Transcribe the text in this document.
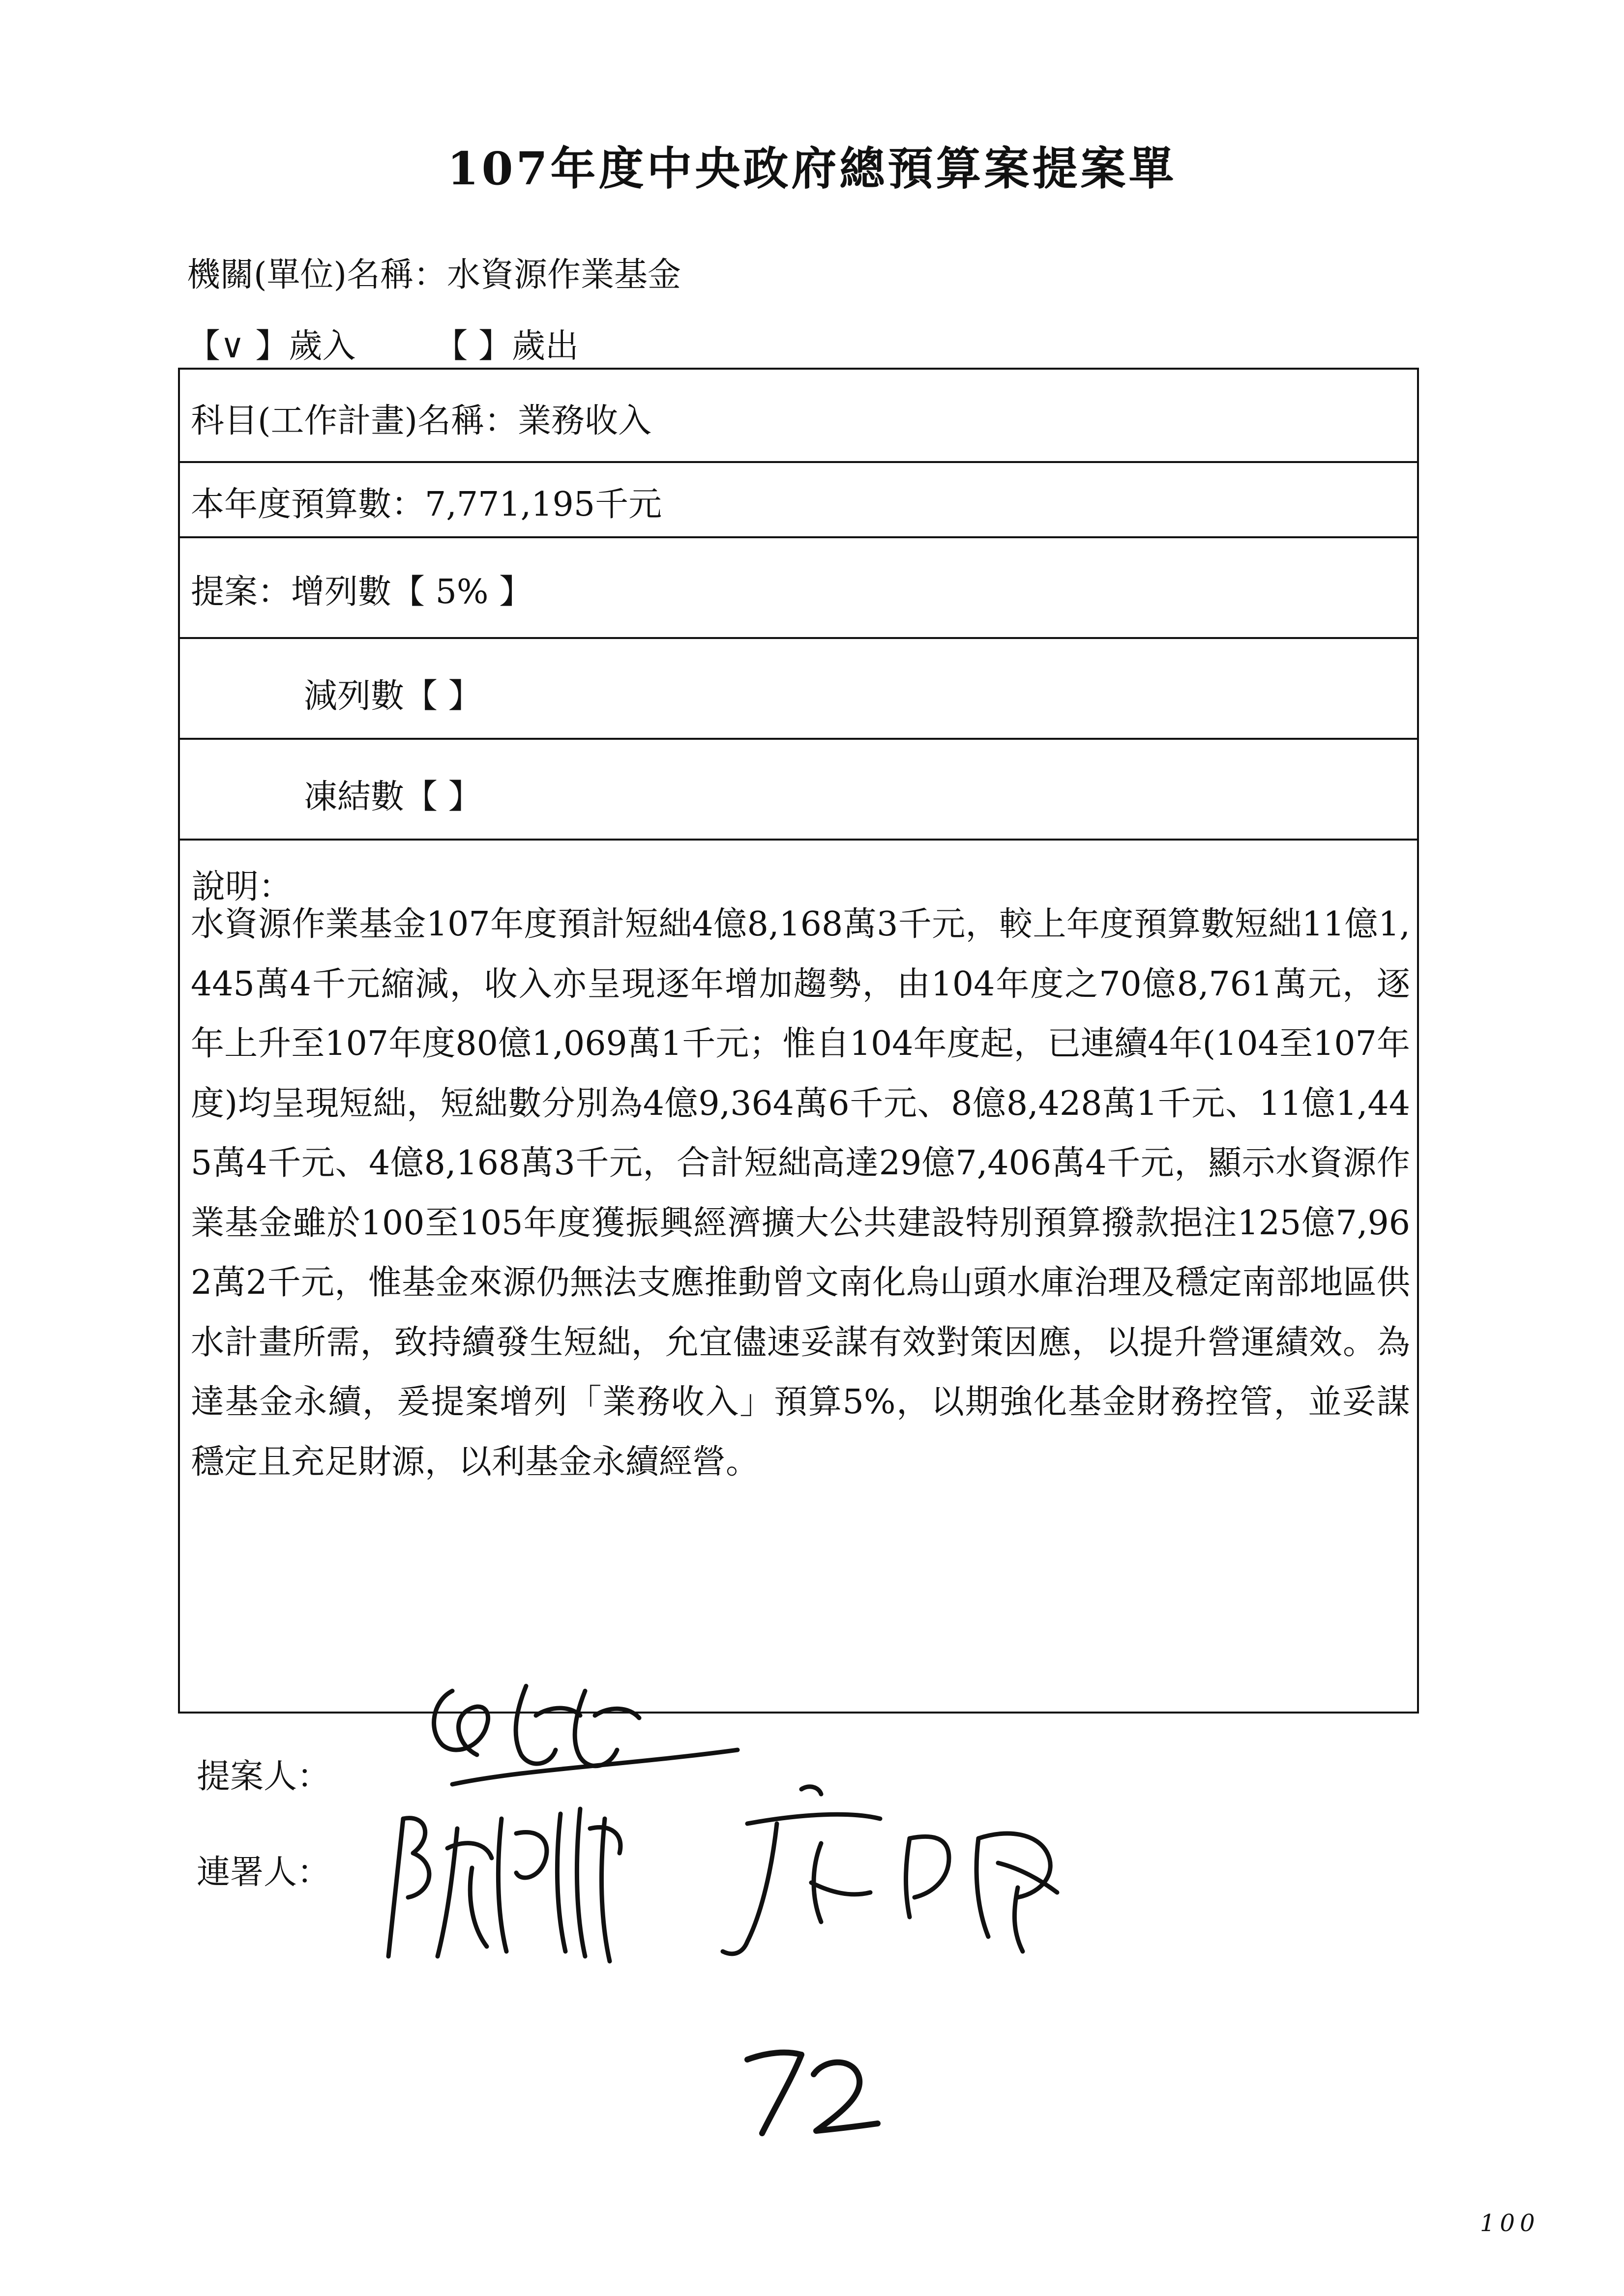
107年度中央政府總預算案提案單
機關(單位)名稱：水資源作業基金
【∨ 】歲入 【 】歲出
科目(工作計畫)名稱：業務收入
本年度預算數：7,771,195千元
提案：增列數【 5% 】
減列數【 】
凍結數【 】
說明：
水資源作業基金107年度預計短絀4億8,168萬3千元，較上年度預算數短絀11億1,445萬4千元縮減，收入亦呈現逐年增加趨勢，由104年度之70億8,761萬元，逐年上升至107年度80億1,069萬1千元；惟自104年度起，已連續4年(104至107年度)均呈現短絀，短絀數分別為4億9,364萬6千元、8億8,428萬1千元、11億1,445萬4千元、4億8,168萬3千元，合計短絀高達29億7,406萬4千元，顯示水資源作業基金雖於100至105年度獲振興經濟擴大公共建設特別預算撥款挹注125億7,962萬2千元，惟基金來源仍無法支應推動曾文南化烏山頭水庫治理及穩定南部地區供水計畫所需，致持續發生短絀，允宜儘速妥謀有效對策因應，以提升營運績效。為達基金永續，爰提案增列「業務收入」預算5%，以期強化基金財務控管，並妥謀穩定且充足財源，以利基金永續經營。
提案人：
連署人：
100
